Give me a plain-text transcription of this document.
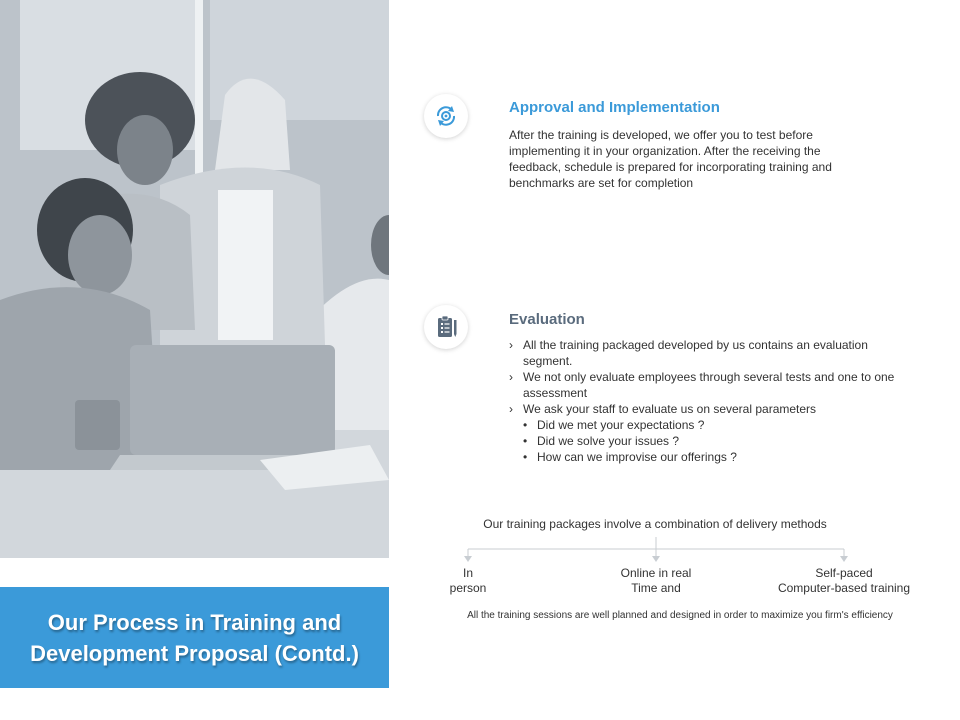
Our Process in Training and Development Proposal (Contd.)
Approval and Implementation
After the training is developed, we offer you to test before
implementing it in your organization. After the receiving the
feedback, schedule is prepared for incorporating training and
benchmarks are set for completion
Evaluation
› All the training packaged developed by us contains an evaluation segment.
› We not only evaluate employees through several tests and one to one assessment
› We ask your staff to evaluate us on several parameters
• Did we met your expectations ?
• Did we solve your issues ?
• How can we improvise our offerings ?
Our training packages involve a combination of delivery methods
In
person
Online in real
Time and
Self-paced
Computer-based training
All the training sessions are well planned and designed in order to maximize you firm's efficiency
